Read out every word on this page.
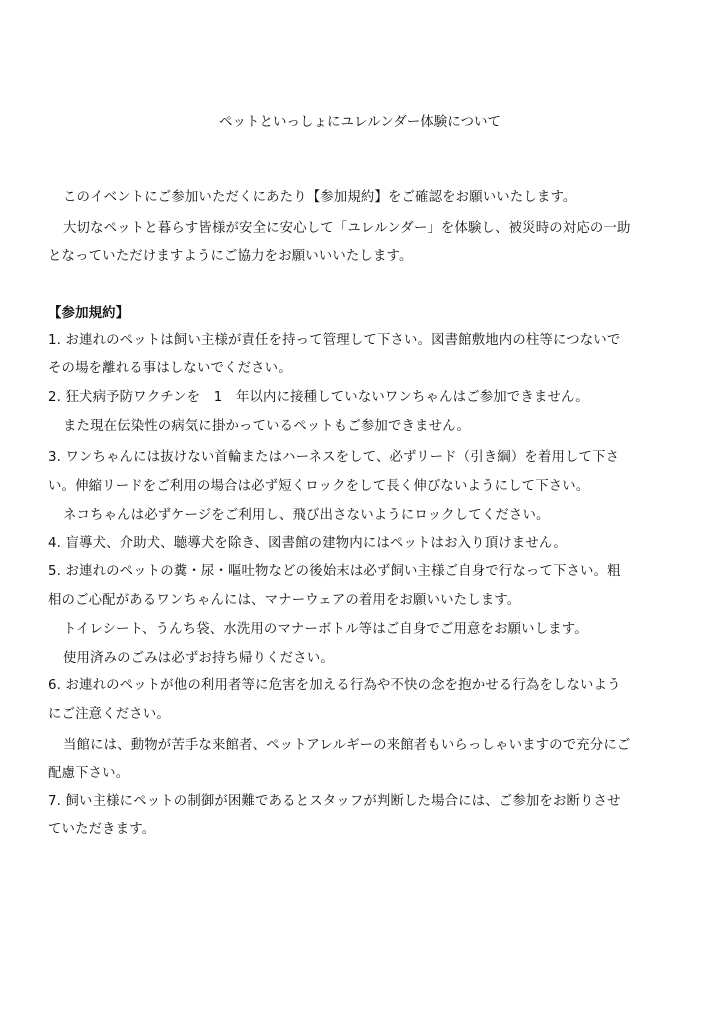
ペットといっしょにユレルンダー体験について
このイベントにご参加いただくにあたり【参加規約】をご確認をお願いいたします。
大切なペットと暮らす皆様が安全に安心して「ユレルンダー」を体験し、被災時の対応の一助
となっていただけますようにご協力をお願いいいたします。
【参加規約】
1. お連れのペットは飼い主様が責任を持って管理して下さい。図書館敷地内の柱等につないで
その場を離れる事はしないでください。
2. 狂犬病予防ワクチンを　1　年以内に接種していないワンちゃんはご参加できません。
また現在伝染性の病気に掛かっているペットもご参加できません。
3. ワンちゃんには抜けない首輪またはハーネスをして、必ずリード（引き綱）を着用して下さ
い。伸縮リードをご利用の場合は必ず短くロックをして長く伸びないようにして下さい。
ネコちゃんは必ずケージをご利用し、飛び出さないようにロックしてください。
4. 盲導犬、介助犬、聴導犬を除き、図書館の建物内にはペットはお入り頂けません。
5. お連れのペットの糞・尿・嘔吐物などの後始末は必ず飼い主様ご自身で行なって下さい。粗
相のご心配があるワンちゃんには、マナーウェアの着用をお願いいたします。
トイレシート、うんち袋、水洗用のマナーボトル等はご自身でご用意をお願いします。
使用済みのごみは必ずお持ち帰りください。
6. お連れのペットが他の利用者等に危害を加える行為や不快の念を抱かせる行為をしないよう
にご注意ください。
当館には、動物が苦手な来館者、ペットアレルギーの来館者もいらっしゃいますので充分にご
配慮下さい。
7. 飼い主様にペットの制御が困難であるとスタッフが判断した場合には、ご参加をお断りさせ
ていただきます。
